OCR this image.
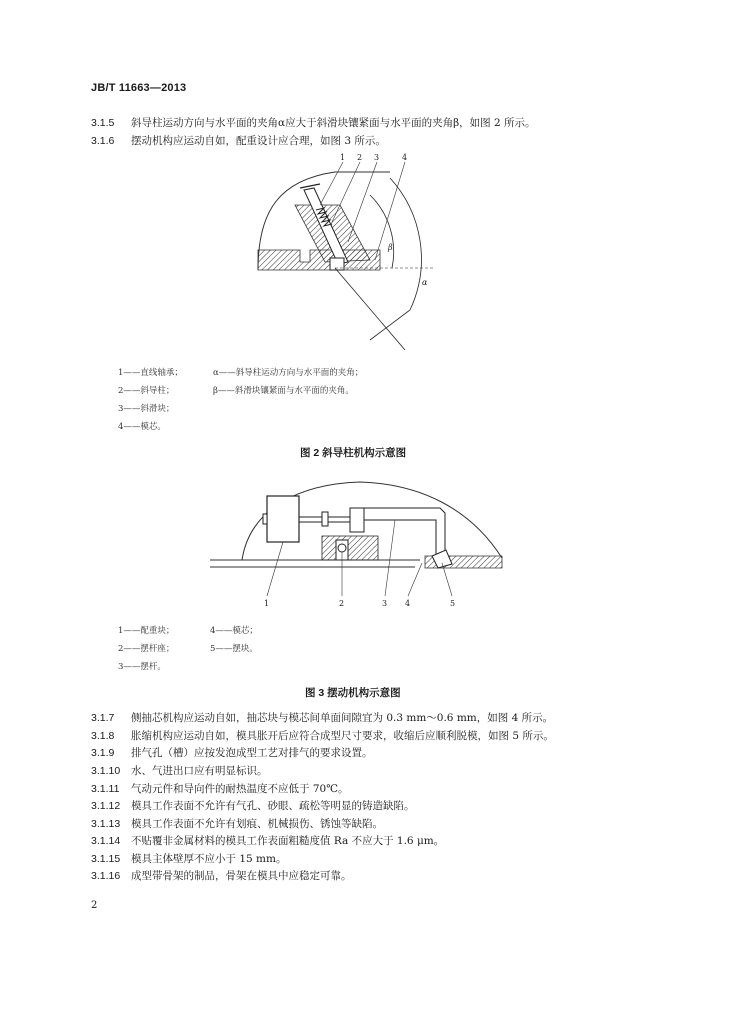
JB/T 11663—2013
3.1.5 斜导柱运动方向与水平面的夹角α应大于斜滑块镶紧面与水平面的夹角β，如图 2 所示。
3.1.6 摆动机构应运动自如，配重设计应合理，如图 3 所示。
1 2 3	4
β
α
1——直线轴承；
2——斜导柱；
3——斜滑块；
4——模芯。
α——斜导柱运动方向与水平面的夹角；
β——斜滑块镶紧面与水平面的夹角。
图 2 斜导柱机构示意图
1	2	3 4	5
1——配重块；
2——摆杆座；
3——摆杆。
4——模芯；
5——摆块。
图 3 摆动机构示意图
3.1.7 侧抽芯机构应运动自如，抽芯块与模芯间单面间隙宜为 0.3 mm～0.6 mm，如图 4 所示。
3.1.8 胀缩机构应运动自如，模具胀开后应符合成型尺寸要求，收缩后应顺利脱模，如图 5 所示。
3.1.9 排气孔（槽）应按发泡成型工艺对排气的要求设置。
3.1.10 水、气进出口应有明显标识。
3.1.11 气动元件和导向件的耐热温度不应低于 70℃。
3.1.12 模具工作表面不允许有气孔、砂眼、疏松等明显的铸造缺陷。
3.1.13 模具工作表面不允许有划痕、机械损伤、锈蚀等缺陷。
3.1.14 不贴覆非金属材料的模具工作表面粗糙度值 Ra 不应大于 1.6 μm。
3.1.15 模具主体壁厚不应小于 15 mm。
3.1.16 成型带骨架的制品，骨架在模具中应稳定可靠。
2
